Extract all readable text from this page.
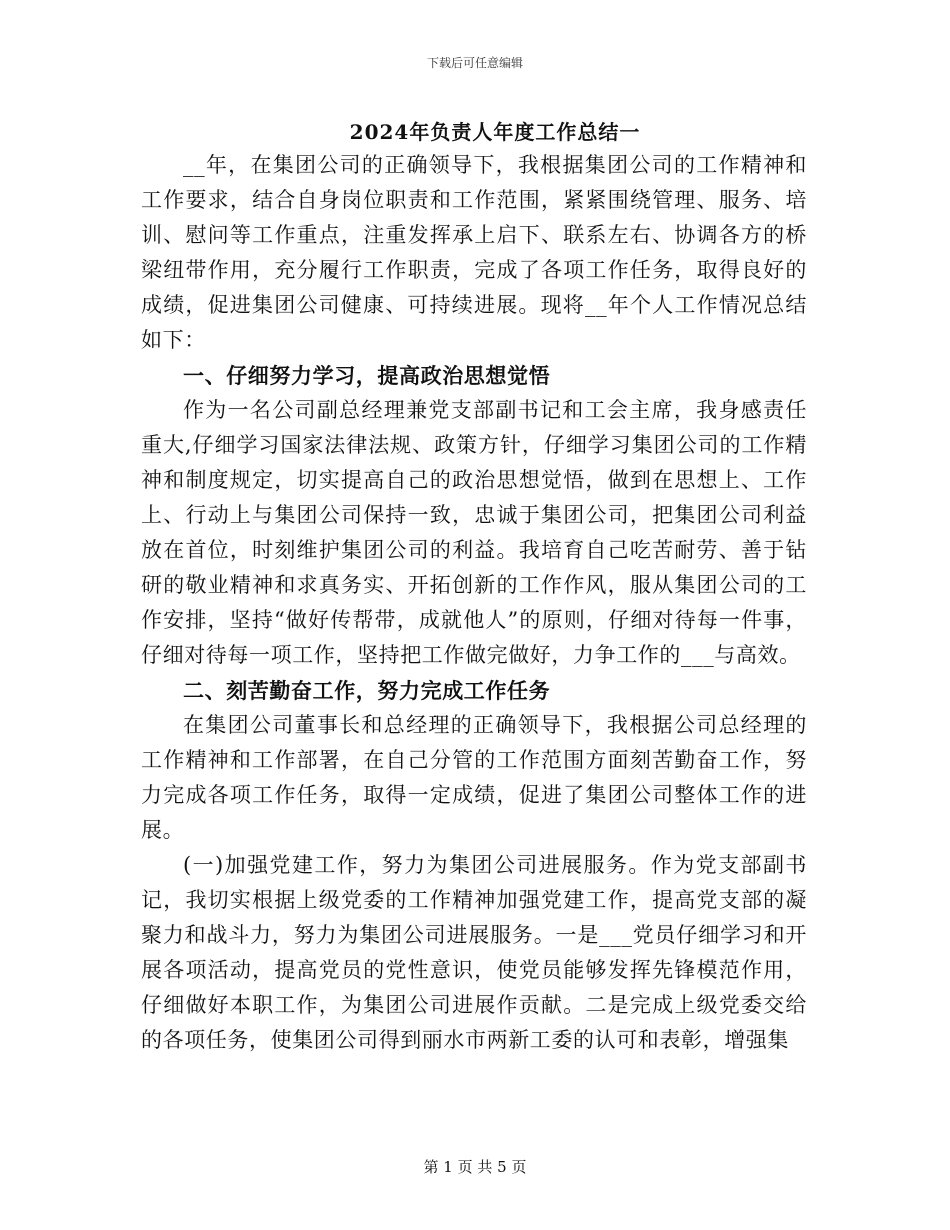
下载后可任意编辑
2024年负责人年度工作总结一

__年，在集团公司的正确领导下，我根据集团公司的工作精神和工作要求，结合自身岗位职责和工作范围，紧紧围绕管理、服务、培训、慰问等工作重点，注重发挥承上启下、联系左右、协调各方的桥梁纽带作用，充分履行工作职责，完成了各项工作任务，取得良好的成绩，促进集团公司健康、可持续进展。现将__年个人工作情况总结如下：

一、仔细努力学习，提高政治思想觉悟

作为一名公司副总经理兼党支部副书记和工会主席，我身感责任重大,仔细学习国家法律法规、政策方针，仔细学习集团公司的工作精神和制度规定，切实提高自己的政治思想觉悟，做到在思想上、工作上、行动上与集团公司保持一致，忠诚于集团公司，把集团公司利益放在首位，时刻维护集团公司的利益。我培育自己吃苦耐劳、善于钻研的敬业精神和求真务实、开拓创新的工作作风，服从集团公司的工作安排，坚持“做好传帮带，成就他人”的原则，仔细对待每一件事，仔细对待每一项工作，坚持把工作做完做好，力争工作的___与高效。

二、刻苦勤奋工作，努力完成工作任务

在集团公司董事长和总经理的正确领导下，我根据公司总经理的工作精神和工作部署，在自己分管的工作范围方面刻苦勤奋工作，努力完成各项工作任务，取得一定成绩，促进了集团公司整体工作的进展。

(一)加强党建工作，努力为集团公司进展服务。作为党支部副书记，我切实根据上级党委的工作精神加强党建工作，提高党支部的凝聚力和战斗力，努力为集团公司进展服务。一是___党员仔细学习和开展各项活动，提高党员的党性意识，使党员能够发挥先锋模范作用，仔细做好本职工作，为集团公司进展作贡献。二是完成上级党委交给的各项任务，使集团公司得到丽水市两新工委的认可和表彰，增强集

第 1 页 共 5 页
